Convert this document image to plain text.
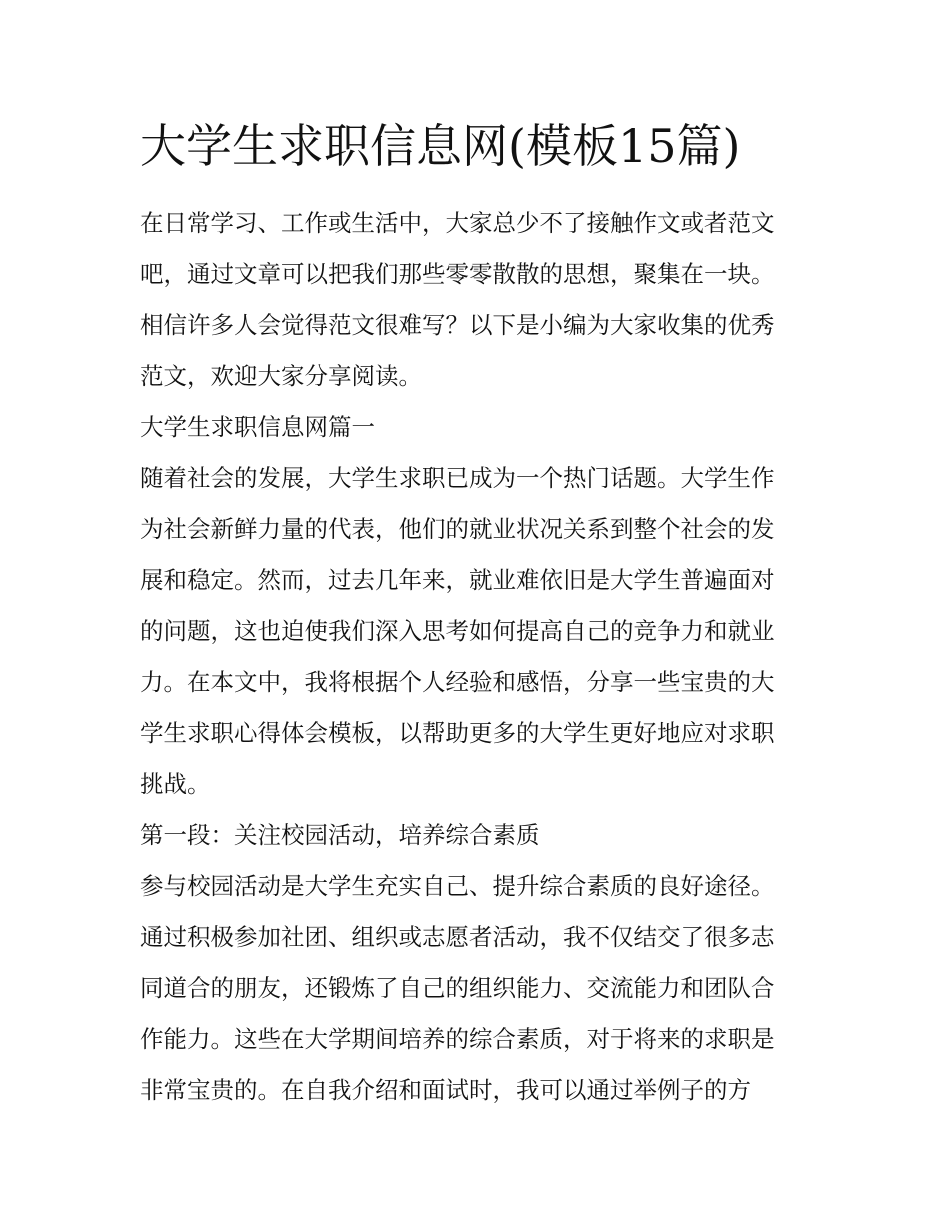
大学生求职信息网(模板15篇)

在日常学习、工作或生活中，大家总少不了接触作文或者范文

吧，通过文章可以把我们那些零零散散的思想，聚集在一块。

相信许多人会觉得范文很难写？以下是小编为大家收集的优秀

范文，欢迎大家分享阅读。

大学生求职信息网篇一

随着社会的发展，大学生求职已成为一个热门话题。大学生作

为社会新鲜力量的代表，他们的就业状况关系到整个社会的发

展和稳定。然而，过去几年来，就业难依旧是大学生普遍面对

的问题，这也迫使我们深入思考如何提高自己的竞争力和就业

力。在本文中，我将根据个人经验和感悟，分享一些宝贵的大

学生求职心得体会模板，以帮助更多的大学生更好地应对求职

挑战。

第一段：关注校园活动，培养综合素质

参与校园活动是大学生充实自己、提升综合素质的良好途径。

通过积极参加社团、组织或志愿者活动，我不仅结交了很多志

同道合的朋友，还锻炼了自己的组织能力、交流能力和团队合

作能力。这些在大学期间培养的综合素质，对于将来的求职是

非常宝贵的。在自我介绍和面试时，我可以通过举例子的方
